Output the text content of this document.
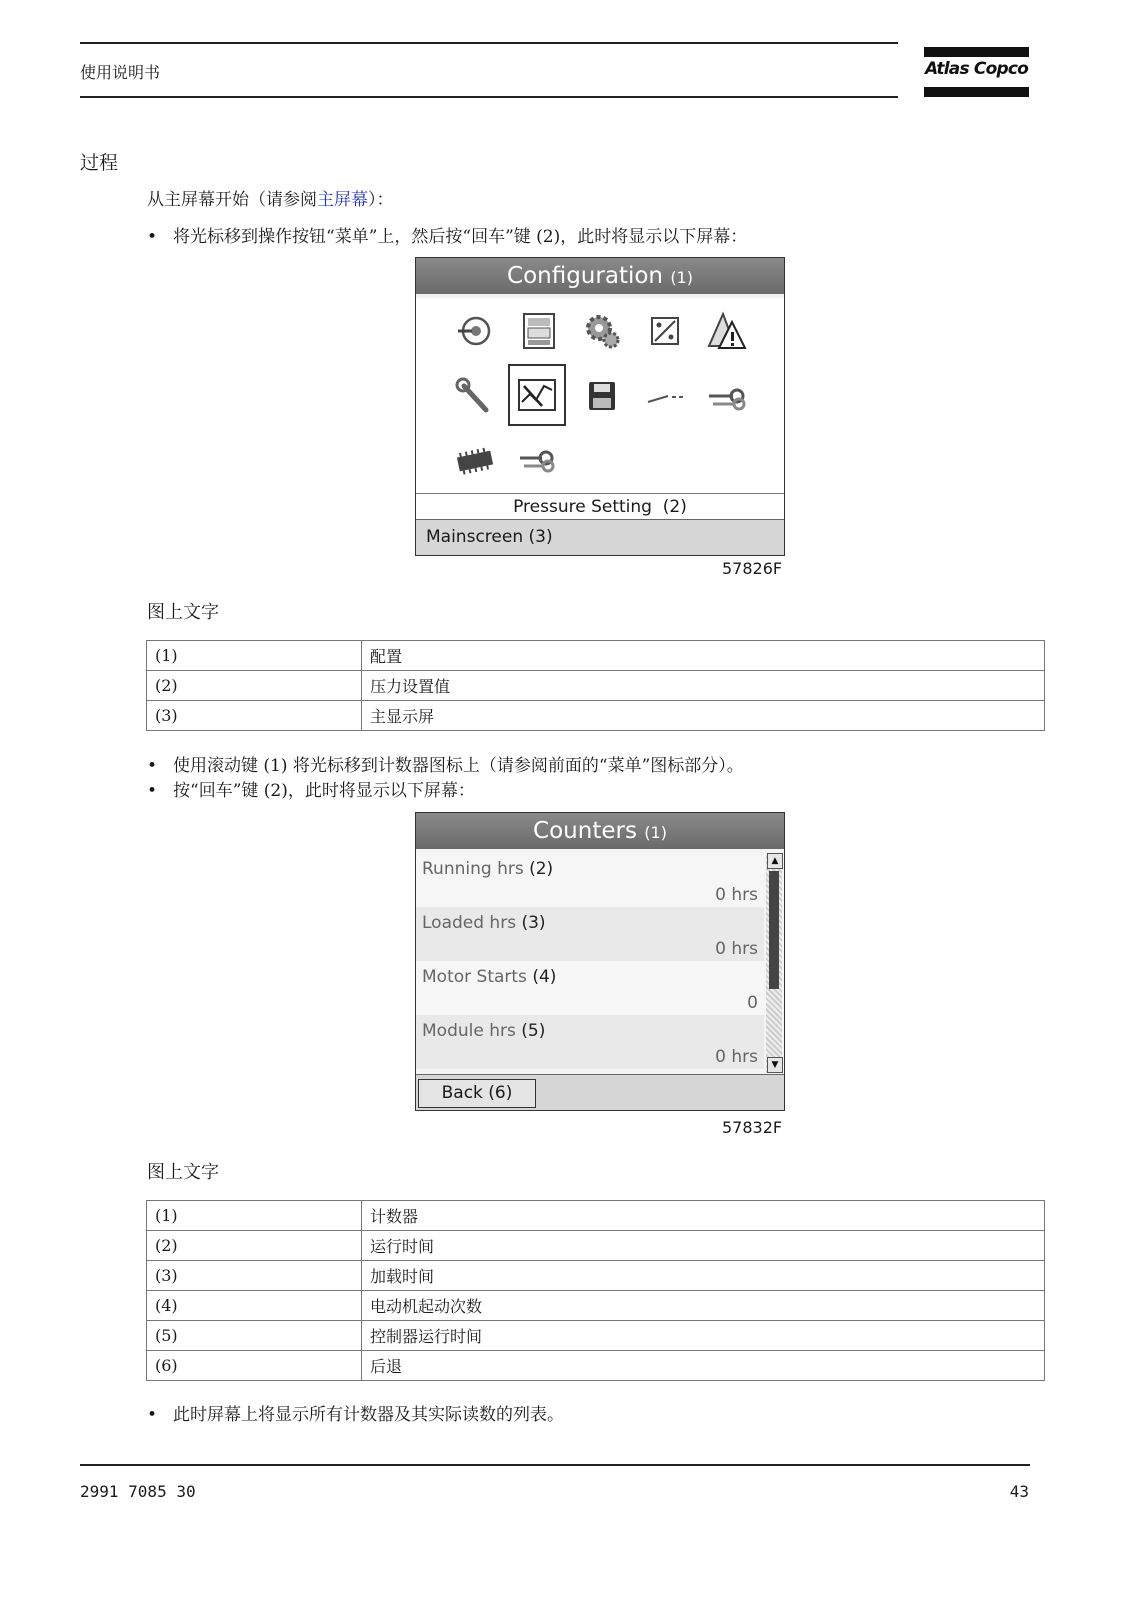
使用说明书	Atlas Copco
过程
从主屏幕开始（请参阅主屏幕）：
• 将光标移到操作按钮“菜单”上，然后按“回车”键 (2)，此时将显示以下屏幕：
Configuration (1)
Pressure Setting (2)
Mainscreen (3)
57826F
图上文字
(1)	配置
(2)	压力设置值
(3)	主显示屏
• 使用滚动键 (1) 将光标移到计数器图标上（请参阅前面的“菜单”图标部分）。
• 按“回车”键 (2)，此时将显示以下屏幕：
Counters (1)
Running hrs (2)
0 hrs
Loaded hrs (3)
0 hrs
Motor Starts (4)
0
Module hrs (5)
0 hrs
▲
▼
Back (6)
57832F
图上文字
(1)	计数器
(2)	运行时间
(3)	加载时间
(4)	电动机起动次数
(5)	控制器运行时间
(6)	后退
• 此时屏幕上将显示所有计数器及其实际读数的列表。
2991 7085 30	43
